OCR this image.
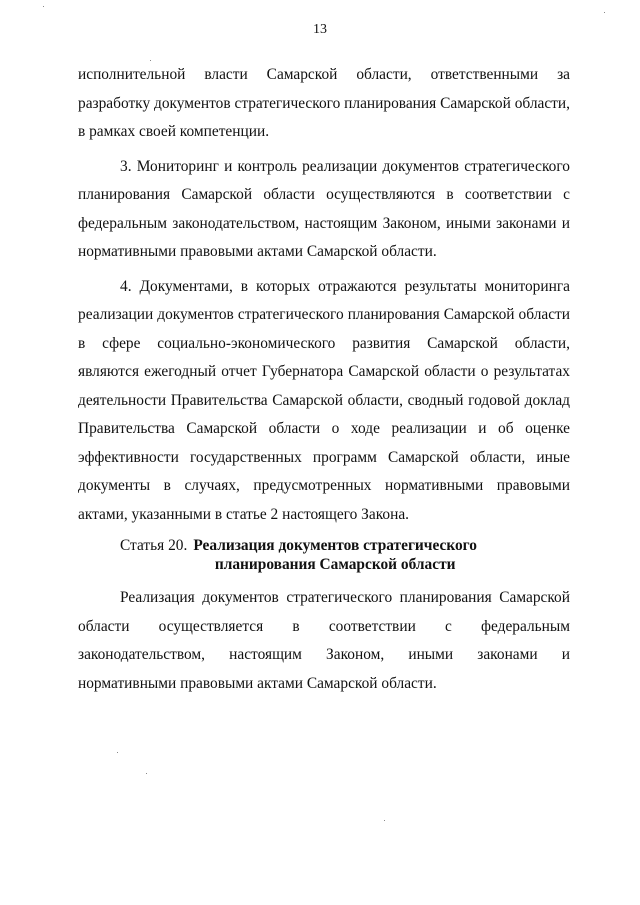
13

исполнительной власти Самарской области, ответственными за разработку документов стратегического планирования Самарской области, в рамках своей компетенции.

3. Мониторинг и контроль реализации документов стратегического планирования Самарской области осуществляются в соответствии с федеральным законодательством, настоящим Законом, иными законами и нормативными правовыми актами Самарской области.

4. Документами, в которых отражаются результаты мониторинга реализации документов стратегического планирования Самарской области в сфере социально-экономического развития Самарской области, являются ежегодный отчет Губернатора Самарской области о результатах деятельности Правительства Самарской области, сводный годовой доклад Правительства Самарской области о ходе реализации и об оценке эффективности государственных программ Самарской области, иные документы в случаях, предусмотренных нормативными правовыми актами, указанными в статье 2 настоящего Закона.

Статья 20. Реализация документов стратегического
планирования Самарской области

Реализация документов стратегического планирования Самарской области осуществляется в соответствии с федеральным законодательством, настоящим Законом, иными законами и нормативными правовыми актами Самарской области.
